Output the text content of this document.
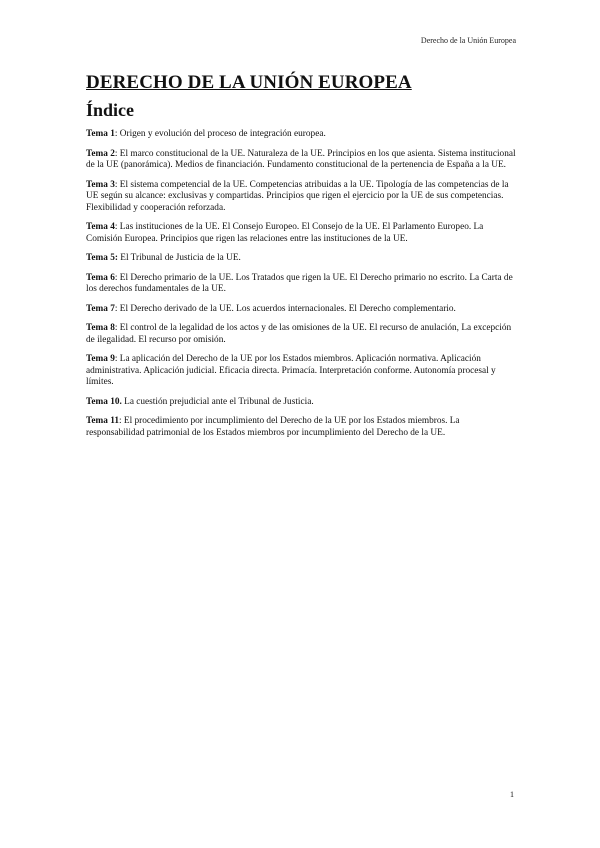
Derecho de la Unión Europea
DERECHO DE LA UNIÓN EUROPEA
Índice

Tema 1: Origen y evolución del proceso de integración europea.

Tema 2: El marco constitucional de la UE. Naturaleza de la UE. Principios en los que asienta. Sistema institucional de la UE (panorámica). Medios de financiación. Fundamento constitucional de la pertenencia de España a la UE.

Tema 3: El sistema competencial de la UE. Competencias atribuidas a la UE. Tipología de las competencias de la UE según su alcance: exclusivas y compartidas. Principios que rigen el ejercicio por la UE de sus competencias. Flexibilidad y cooperación reforzada.

Tema 4: Las instituciones de la UE. El Consejo Europeo. El Consejo de la UE. El Parlamento Europeo. La Comisión Europea. Principios que rigen las relaciones entre las instituciones de la UE.

Tema 5: El Tribunal de Justicia de la UE.

Tema 6: El Derecho primario de la UE. Los Tratados que rigen la UE. El Derecho primario no escrito. La Carta de los derechos fundamentales de la UE.

Tema 7: El Derecho derivado de la UE. Los acuerdos internacionales. El Derecho complementario.

Tema 8: El control de la legalidad de los actos y de las omisiones de la UE. El recurso de anulación, La excepción de ilegalidad. El recurso por omisión.

Tema 9: La aplicación del Derecho de la UE por los Estados miembros. Aplicación normativa. Aplicación administrativa. Aplicación judicial. Eficacia directa. Primacía. Interpretación conforme. Autonomía procesal y límites.

Tema 10. La cuestión prejudicial ante el Tribunal de Justicia.

Tema 11: El procedimiento por incumplimiento del Derecho de la UE por los Estados miembros. La responsabilidad patrimonial de los Estados miembros por incumplimiento del Derecho de la UE.

1
